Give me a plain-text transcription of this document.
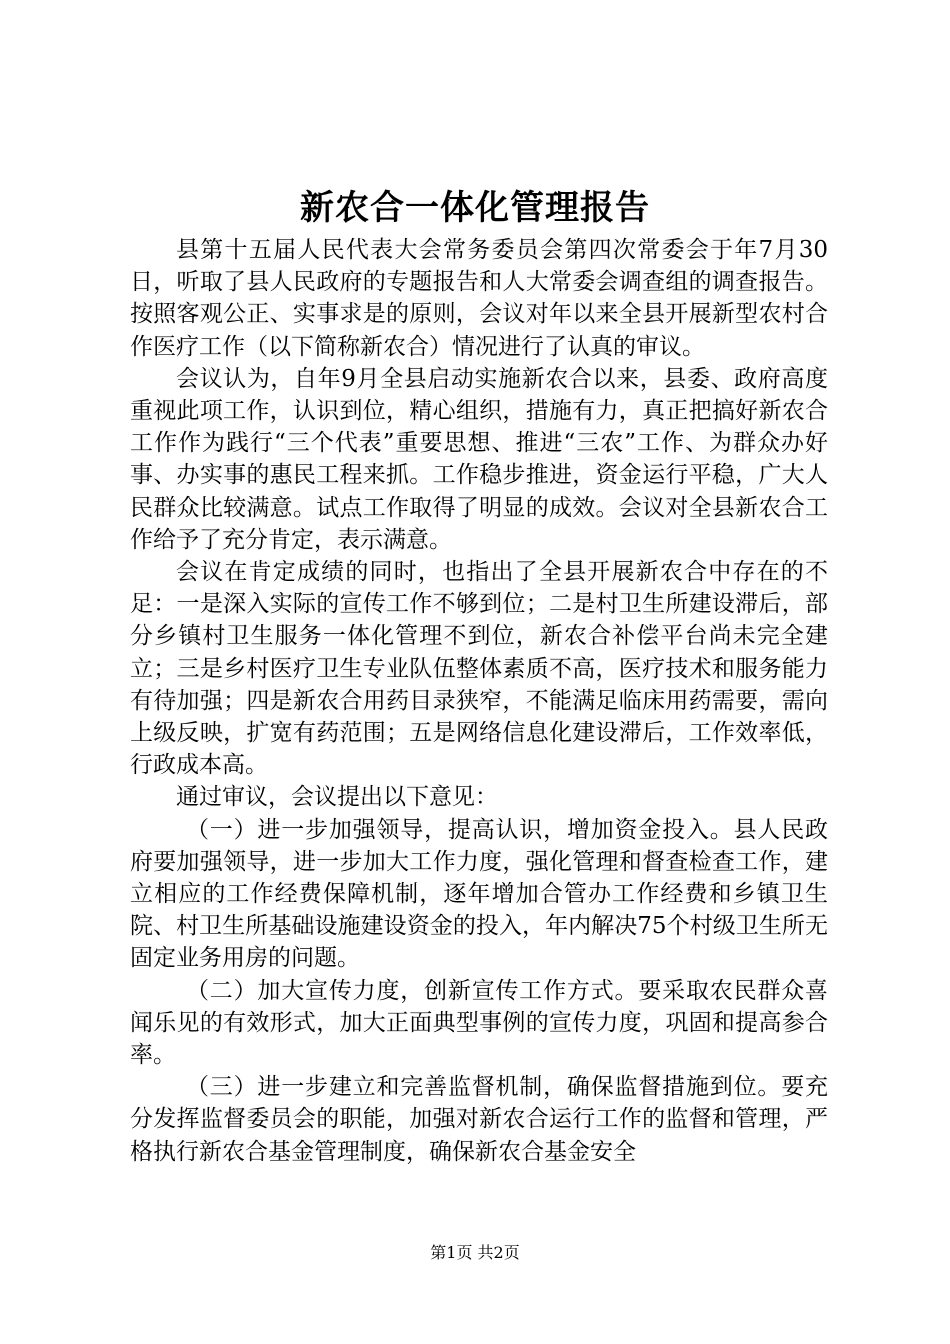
新农合一体化管理报告

县第十五届人民代表大会常务委员会第四次常委会于年7月30日，听取了县人民政府的专题报告和人大常委会调查组的调查报告。按照客观公正、实事求是的原则，会议对年以来全县开展新型农村合作医疗工作（以下简称新农合）情况进行了认真的审议。

会议认为，自年9月全县启动实施新农合以来，县委、政府高度重视此项工作，认识到位，精心组织，措施有力，真正把搞好新农合工作作为践行“三个代表”重要思想、推进“三农”工作、为群众办好事、办实事的惠民工程来抓。工作稳步推进，资金运行平稳，广大人民群众比较满意。试点工作取得了明显的成效。会议对全县新农合工作给予了充分肯定，表示满意。

会议在肯定成绩的同时，也指出了全县开展新农合中存在的不足：一是深入实际的宣传工作不够到位；二是村卫生所建设滞后，部分乡镇村卫生服务一体化管理不到位，新农合补偿平台尚未完全建立；三是乡村医疗卫生专业队伍整体素质不高，医疗技术和服务能力有待加强；四是新农合用药目录狭窄，不能满足临床用药需要，需向上级反映，扩宽有药范围；五是网络信息化建设滞后，工作效率低，行政成本高。

通过审议，会议提出以下意见：

（一）进一步加强领导，提高认识，增加资金投入。县人民政府要加强领导，进一步加大工作力度，强化管理和督查检查工作，建立相应的工作经费保障机制，逐年增加合管办工作经费和乡镇卫生院、村卫生所基础设施建设资金的投入，年内解决75个村级卫生所无固定业务用房的问题。

（二）加大宣传力度，创新宣传工作方式。要采取农民群众喜闻乐见的有效形式，加大正面典型事例的宣传力度，巩固和提高参合率。

（三）进一步建立和完善监督机制，确保监督措施到位。要充分发挥监督委员会的职能，加强对新农合运行工作的监督和管理，严格执行新农合基金管理制度，确保新农合基金安全

第1页 共2页
